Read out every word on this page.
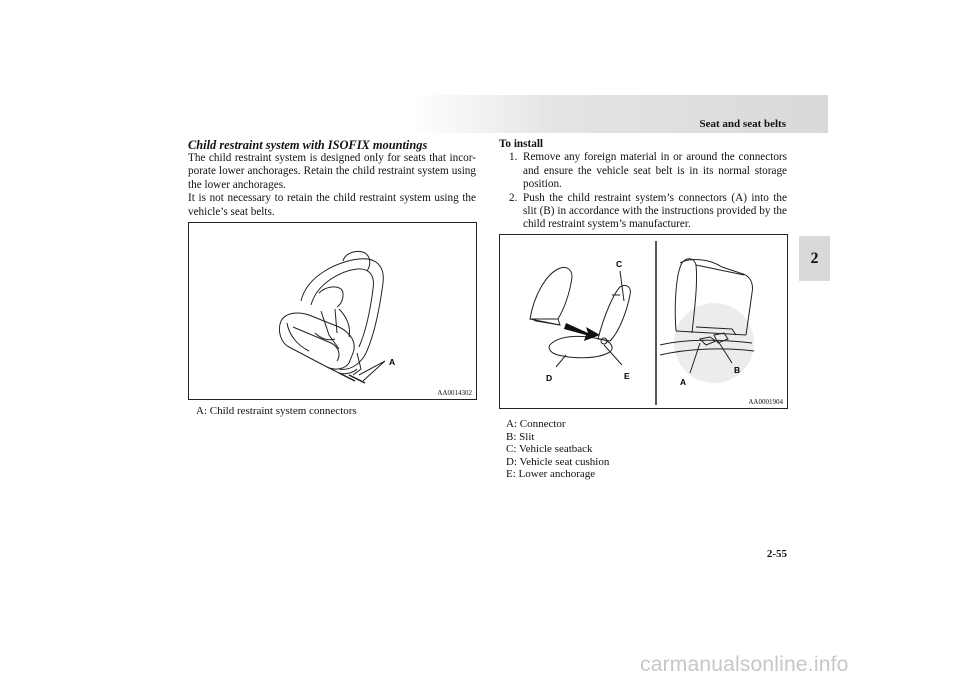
Seat and seat belts
2

Child restraint system with ISOFIX mountings

The child restraint system is designed only for seats that incor-porate lower anchorages. Retain the child restraint system using the lower anchorages.

It is not necessary to retain the child restraint system using the vehicle’s seat belts.

A
AA0014302
A: Child restraint system connectors

To install

1. Remove any foreign material in or around the connectors and ensure the vehicle seat belt is in its normal storage position.
2. Push the child restraint system’s connectors (A) into the slit (B) in accordance with the instructions provided by the child restraint system’s manufacturer.
C
D	E
A
B
AA0001904
A: Connector
B: Slit
C: Vehicle seatback
D: Vehicle seat cushion
E: Lower anchorage
2-55
carmanualsonline.info
